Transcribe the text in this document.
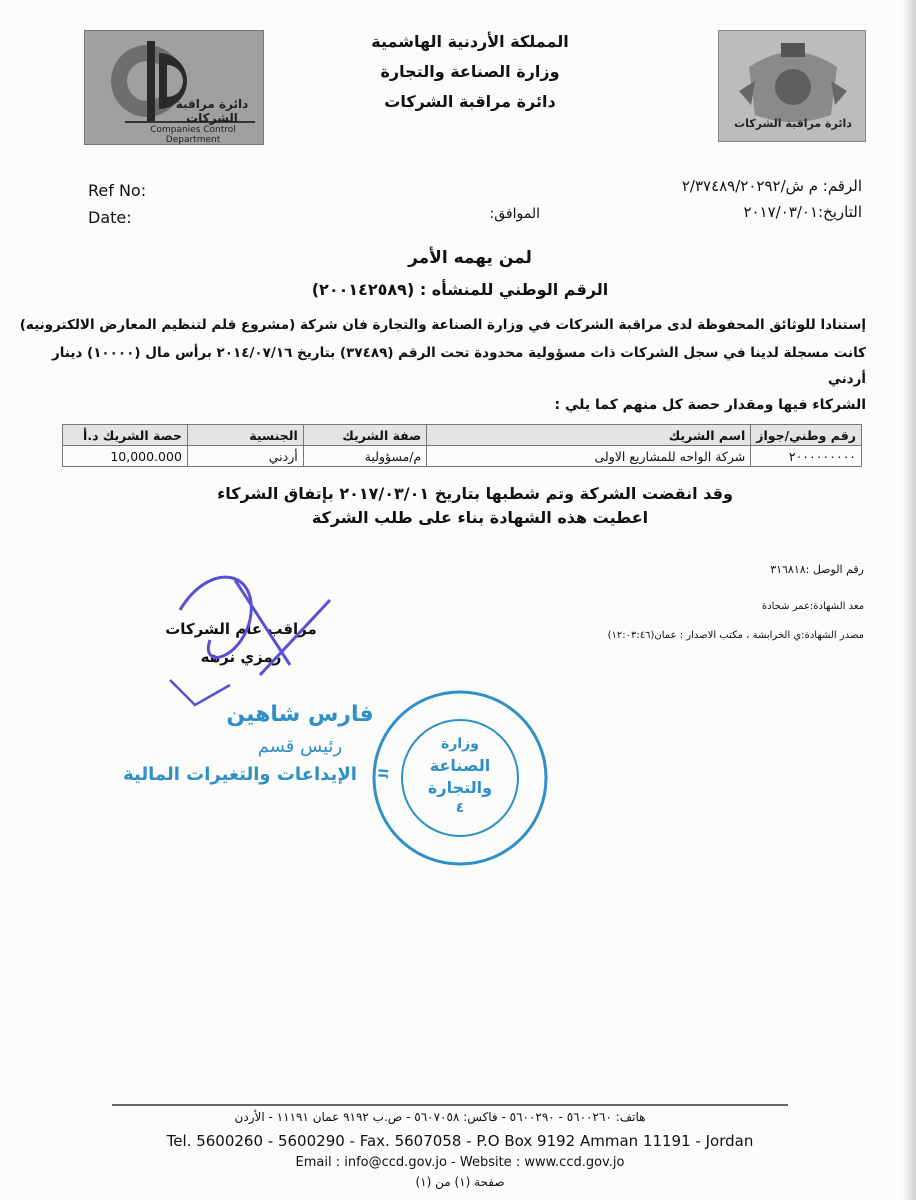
دائرة مراقبة الشركات
Companies Control Department
المملكة الأردنية الهاشمية
وزارة الصناعة والتجارة
دائرة مراقبة الشركات
دائرة مراقبة الشركات
Ref No:
Date:
الرقم: م ش/٢/٣٧٤٨٩/٢٠٢٩٢
التاريخ:٢٠١٧/٠٣/٠١
الموافق:
لمن يهمه الأمر
الرقم الوطني للمنشأه : (٢٠٠١٤٢٥٨٩)
إستنادا للوثائق المحفوظة لدى مراقبة الشركات في وزارة الصناعة والتجارة فان شركة (مشروع قلم لتنظيم المعارض الالكترونيه)
كانت مسجلة لدينا في سجل الشركات ذات مسؤولية محدودة تحت الرقم (٣٧٤٨٩) بتاريخ ٢٠١٤/٠٧/١٦ برأس مال (١٠٠٠٠) دينار
أردني
الشركاء فيها ومقدار حصة كل منهم كما يلي :
رقم وطني/جواز	اسم الشريك	صفة الشريك	الجنسية	حصة الشريك د.أ
٢٠٠٠٠٠٠٠٠٠	شركة الواحه للمشاريع الاولى	م/مسؤولية	أردني	10,000.000
وقد انقضت الشركة وتم شطبها بتاريخ ٢٠١٧/٠٣/٠١ بإتفاق الشركاء
اعطيت هذه الشهادة بناء على طلب الشركة
رقم الوصل :٣١٦٨١٨
معد الشهادة:عمر شحادة
مصدر الشهادة:ي الخرابشة ، مكتب الاصدار : عمان(١٢:٠٣:٤٦)
مراقب عام الشركات
رمزي نزهه
فارس شاهين
رئيس قسم
الإيداعات والتغيرات المالية	ال
وزارة
الصناعة
والتجارة
٤
هاتف: ٥٦٠٠٢٦٠ - ٥٦٠٠٢٩٠ - فاكس: ٥٦٠٧٠٥٨ - ص.ب ٩١٩٢ عمان ١١١٩١ - الأردن
Tel. 5600260 - 5600290 - Fax. 5607058 - P.O Box 9192 Amman 11191 - Jordan
Email : info@ccd.gov.jo - Website : www.ccd.gov.jo
صفحة (١) من (١)
